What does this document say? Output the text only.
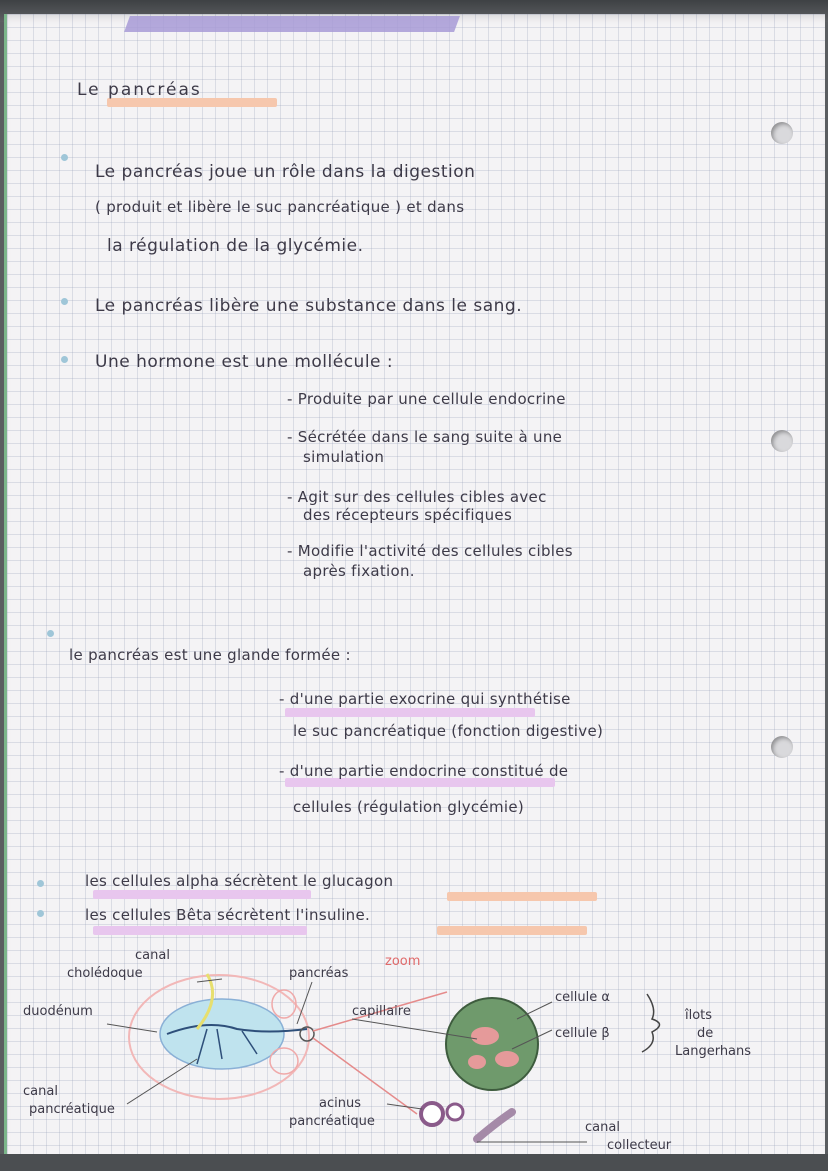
Le pancréas
Le pancréas joue un rôle dans la digestion
( produit et libère le suc pancréatique ) et dans
la régulation de la glycémie.
Le pancréas libère une substance dans le sang.
Une hormone est une mollécule :
- Produite par une cellule endocrine
- Sécrétée dans le sang suite à une
simulation
- Agit sur des cellules cibles avec
des récepteurs spécifiques
- Modifie l'activité des cellules cibles
après fixation.
le pancréas est une glande formée :
- d'une partie exocrine qui synthétise
le suc pancréatique (fonction digestive)
- d'une partie endocrine constitué de
cellules (régulation glycémie)
les cellules alpha sécrètent le glucagon
les cellules Bêta sécrètent l'insuline.
canal
cholédoque	pancréas
zoom
duodénum	capillaire
canal
pancréatique	acinus
pancréatique
cellule α
cellule β
îlots
de
Langerhans
canal
collecteur
